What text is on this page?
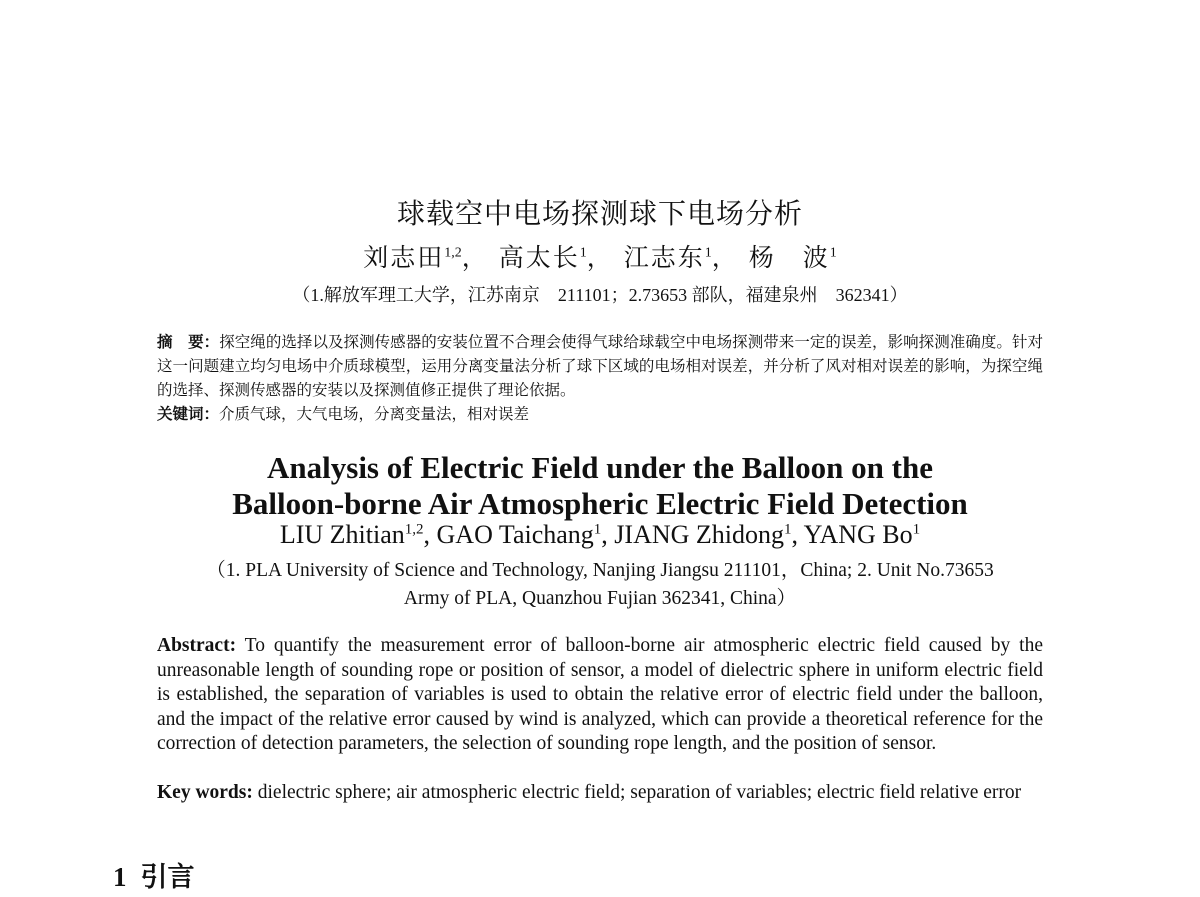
球载空中电场探测球下电场分析
刘志田$^{1,2}$， 高太长$^1$， 江志东$^1$， 杨　波$^1$
（1.解放军理工大学，江苏南京　211101；2.73653 部队，福建泉州　362341）
摘　要：探空绳的选择以及探测传感器的安装位置不合理会使得气球给球载空中电场探测带来一定的误差，影响探测准确度。针对这一问题建立均匀电场中介质球模型，运用分离变量法分析了球下区域的电场相对误差，并分析了风对相对误差的影响，为探空绳的选择、探测传感器的安装以及探测值修正提供了理论依据。
关键词：介质气球，大气电场，分离变量法，相对误差
Analysis of Electric Field under the Balloon on the
Balloon-borne Air Atmospheric Electric Field Detection
LIU Zhitian$^{1,2}$, GAO Taichang$^1$, JIANG Zhidong$^1$, YANG Bo$^1$
（1. PLA University of Science and Technology, Nanjing Jiangsu 211101，China; 2. Unit No.73653
Army of PLA, Quanzhou Fujian 362341, China）
Abstract: To quantify the measurement error of balloon-borne air atmospheric electric field caused by the unreasonable length of sounding rope or position of sensor, a model of dielectric sphere in uniform electric field is established, the separation of variables is used to obtain the relative error of electric field under the balloon, and the impact of the relative error caused by wind is analyzed, which can provide a theoretical reference for the correction of detection parameters, the selection of sounding rope length, and the position of sensor.
Key words: dielectric sphere; air atmospheric electric field; separation of variables; electric field relative error
1 引言
